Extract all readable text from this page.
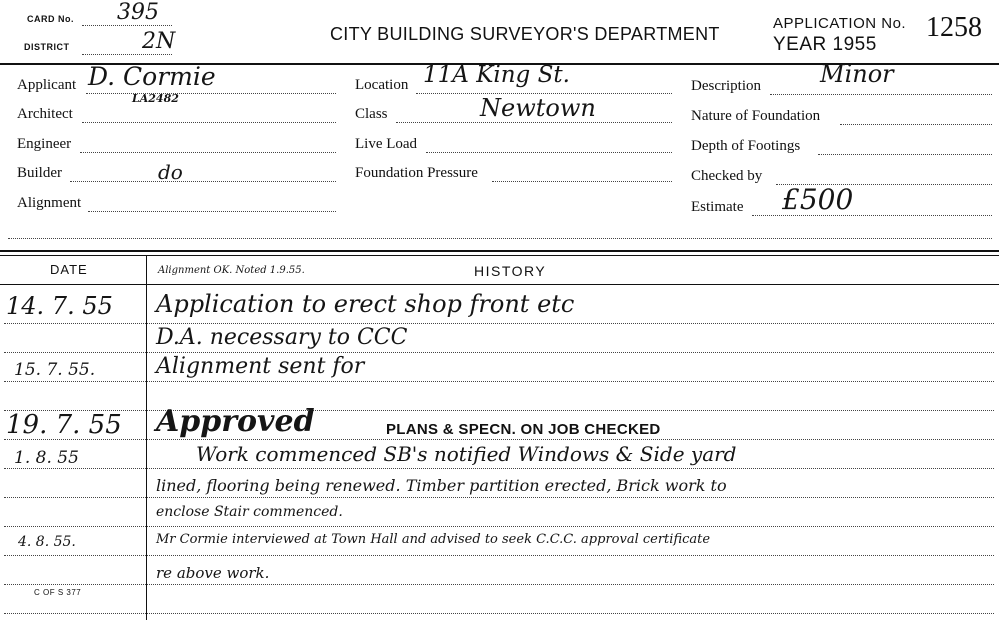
CARD No. 395
DISTRICT	2N	CITY BUILDING SURVEYOR'S DEPARTMENT
APPLICATION No. 1258
YEAR 1955
Applicant D. Cormie
Architect
LA2482
Engineer
Builder	do
Alignment
Location 11A King St.
Class	Newtown
Live Load
Foundation Pressure
Description Minor
Nature of Foundation
Depth of Footings
Checked by
Estimate £500
DATE	Alignment OK. Noted 1.9.55.	HISTORY
14. 7. 55 Application to erect shop front etc
D.A. necessary to CCC
15. 7. 55.	Alignment sent for
19. 7. 55 Approved	PLANS & SPECN. ON JOB CHECKED
1. 8. 55	Work commenced SB's notified Windows & Side yard
lined, flooring being renewed. Timber partition erected, Brick work to
enclose Stair commenced.
4. 8. 55.	Mr Cormie interviewed at Town Hall and advised to seek C.C.C. approval certificate
re above work.
C OF S 377
